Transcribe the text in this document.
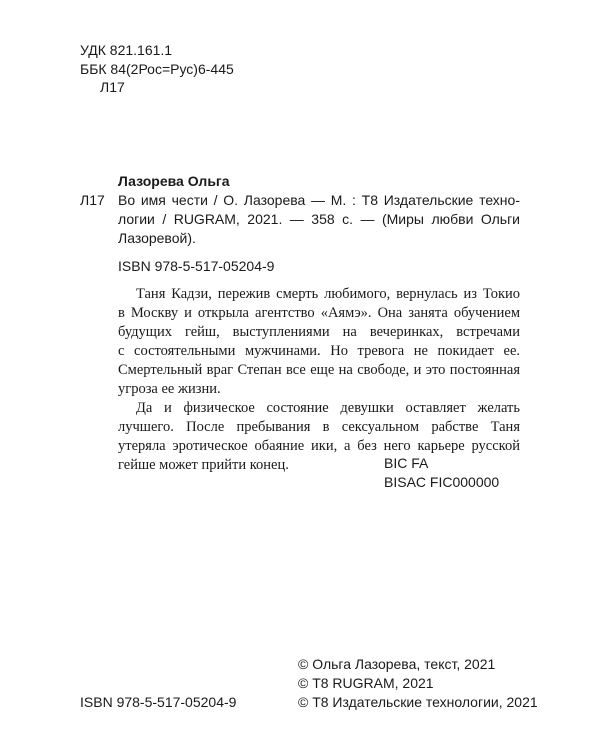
УДК 821.161.1
ББК 84(2Рос=Рус)6-445
Л17
Лазорева Ольга
Л17 Во имя чести / О. Лазорева — М. : Т8 Издательские техно-
логии / RUGRAM, 2021. — 358 с. — (Миры любви Ольги
Лазоревой).
ISBN 978-5-517-05204-9
Таня Кадзи, пережив смерть любимого, вернулась из Токио
в Москву и открыла агентство «Аямэ». Она занята обучением
будущих гейш, выступлениями на вечеринках, встречами
с состоятельными мужчинами. Но тревога не покидает ее.
Смертельный враг Степан все еще на свободе, и это постоянная
угроза ее жизни.
Да и физическое состояние девушки оставляет желать
лучшего. После пребывания в сексуальном рабстве Таня
утеряла эротическое обаяние ики, а без него карьере русской
гейше может прийти конец.	BIC FA
BISAC FIC000000
© Ольга Лазорева, текст, 2021
© Т8 RUGRAM, 2021
© Т8 Издательские технологии, 2021
ISBN 978-5-517-05204-9
